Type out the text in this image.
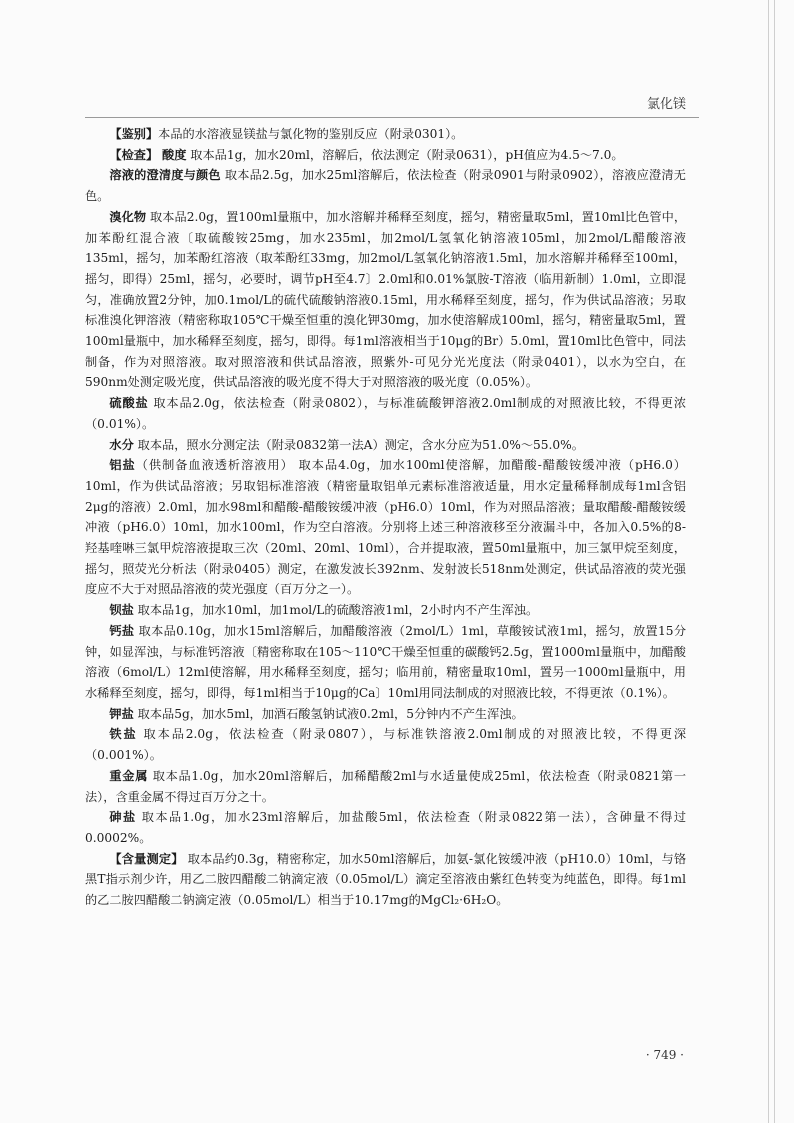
氯化镁

【鉴别】本品的水溶液显镁盐与氯化物的鉴别反应（附录0301）。

【检查】 酸度 取本品1g，加水20ml，溶解后，依法测定（附录0631），pH值应为4.5～7.0。

溶液的澄清度与颜色 取本品2.5g，加水25ml溶解后，依法检查（附录0901与附录0902），溶液应澄清无色。

溴化物 取本品2.0g，置100ml量瓶中，加水溶解并稀释至刻度，摇匀，精密量取5ml，置10ml比色管中，加苯酚红混合液〔取硫酸铵25mg，加水235ml，加2mol/L氢氧化钠溶液105ml，加2mol/L醋酸溶液135ml，摇匀，加苯酚红溶液（取苯酚红33mg，加2mol/L氢氧化钠溶液1.5ml，加水溶解并稀释至100ml，摇匀，即得）25ml，摇匀，必要时，调节pH至4.7〕2.0ml和0.01%氯胺-T溶液（临用新制）1.0ml，立即混匀，准确放置2分钟，加0.1mol/L的硫代硫酸钠溶液0.15ml，用水稀释至刻度，摇匀，作为供试品溶液；另取标准溴化钾溶液（精密称取105℃干燥至恒重的溴化钾30mg，加水使溶解成100ml，摇匀，精密量取5ml，置100ml量瓶中，加水稀释至刻度，摇匀，即得。每1ml溶液相当于10μg的Br）5.0ml，置10ml比色管中，同法制备，作为对照溶液。取对照溶液和供试品溶液，照紫外-可见分光光度法（附录0401），以水为空白，在590nm处测定吸光度，供试品溶液的吸光度不得大于对照溶液的吸光度（0.05%）。

硫酸盐 取本品2.0g，依法检查（附录0802），与标准硫酸钾溶液2.0ml制成的对照液比较，不得更浓（0.01%）。

水分 取本品，照水分测定法（附录0832第一法A）测定，含水分应为51.0%～55.0%。

铝盐（供制备血液透析溶液用） 取本品4.0g，加水100ml使溶解，加醋酸-醋酸铵缓冲液（pH6.0）10ml，作为供试品溶液；另取铝标准溶液（精密量取铝单元素标准溶液适量，用水定量稀释制成每1ml含铝2μg的溶液）2.0ml，加水98ml和醋酸-醋酸铵缓冲液（pH6.0）10ml，作为对照品溶液；量取醋酸-醋酸铵缓冲液（pH6.0）10ml，加水100ml，作为空白溶液。分别将上述三种溶液移至分液漏斗中，各加入0.5%的8-羟基喹啉三氯甲烷溶液提取三次（20ml、20ml、10ml），合并提取液，置50ml量瓶中，加三氯甲烷至刻度，摇匀，照荧光分析法（附录0405）测定，在激发波长392nm、发射波长518nm处测定，供试品溶液的荧光强度应不大于对照品溶液的荧光强度（百万分之一）。

钡盐 取本品1g，加水10ml，加1mol/L的硫酸溶液1ml，2小时内不产生浑浊。

钙盐 取本品0.10g，加水15ml溶解后，加醋酸溶液（2mol/L）1ml，草酸铵试液1ml，摇匀，放置15分钟，如显浑浊，与标准钙溶液〔精密称取在105～110℃干燥至恒重的碳酸钙2.5g，置1000ml量瓶中，加醋酸溶液（6mol/L）12ml使溶解，用水稀释至刻度，摇匀；临用前，精密量取10ml，置另一1000ml量瓶中，用水稀释至刻度，摇匀，即得，每1ml相当于10μg的Ca〕10ml用同法制成的对照液比较，不得更浓（0.1%）。

钾盐 取本品5g，加水5ml，加酒石酸氢钠试液0.2ml，5分钟内不产生浑浊。

铁盐 取本品2.0g，依法检查（附录0807），与标准铁溶液2.0ml制成的对照液比较，不得更深（0.001%）。

重金属 取本品1.0g，加水20ml溶解后，加稀醋酸2ml与水适量使成25ml，依法检查（附录0821第一法），含重金属不得过百万分之十。

砷盐 取本品1.0g，加水23ml溶解后，加盐酸5ml，依法检查（附录0822第一法），含砷量不得过0.0002%。

【含量测定】 取本品约0.3g，精密称定，加水50ml溶解后，加氨-氯化铵缓冲液（pH10.0）10ml，与铬黑T指示剂少许，用乙二胺四醋酸二钠滴定液（0.05mol/L）滴定至溶液由紫红色转变为纯蓝色，即得。每1ml的乙二胺四醋酸二钠滴定液（0.05mol/L）相当于10.17mg的MgCl₂·6H₂O。

· 749 ·
